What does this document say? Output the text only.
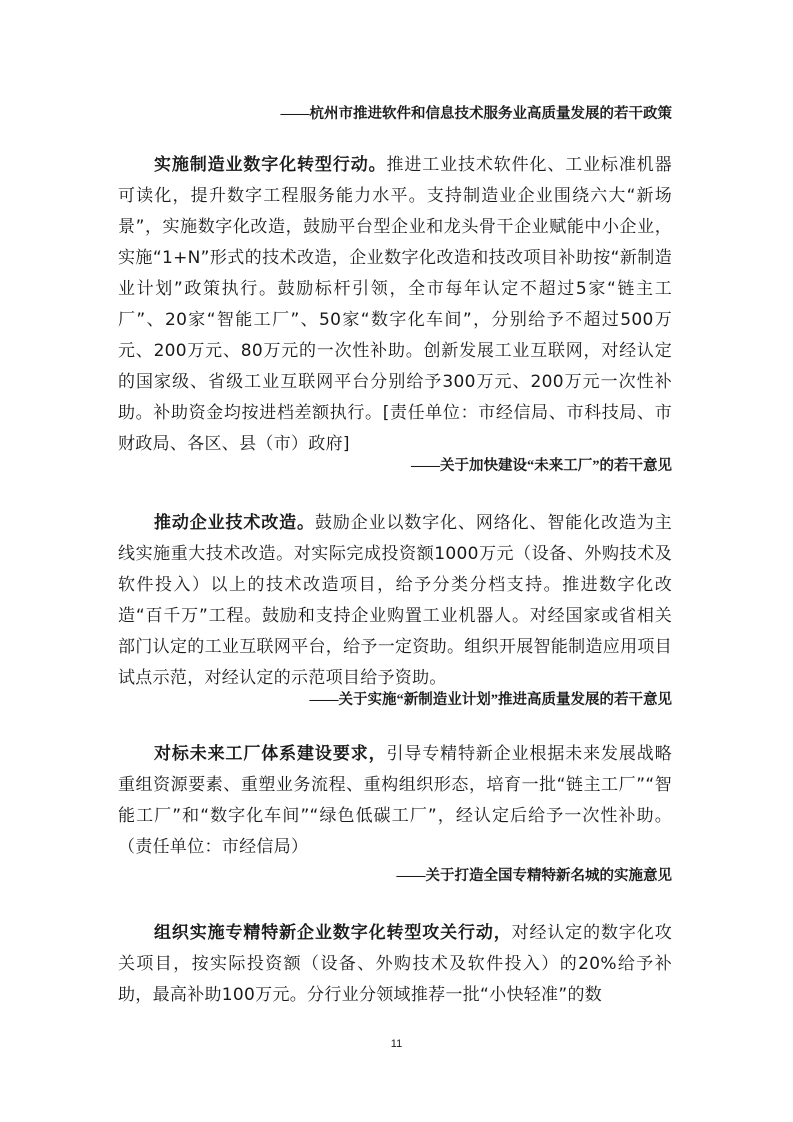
——杭州市推进软件和信息技术服务业高质量发展的若干政策
实施制造业数字化转型行动。推进工业技术软件化、工业标准机器可读化，提升数字工程服务能力水平。支持制造业企业围绕六大“新场景”，实施数字化改造，鼓励平台型企业和龙头骨干企业赋能中小企业，实施“1+N”形式的技术改造，企业数字化改造和技改项目补助按“新制造业计划”政策执行。鼓励标杆引领，全市每年认定不超过5家“链主工厂”、20家“智能工厂”、50家“数字化车间”，分别给予不超过500万元、200万元、80万元的一次性补助。创新发展工业互联网，对经认定的国家级、省级工业互联网平台分别给予300万元、200万元一次性补助。补助资金均按进档差额执行。[责任单位：市经信局、市科技局、市财政局、各区、县（市）政府]
——关于加快建设“未来工厂”的若干意见
推动企业技术改造。鼓励企业以数字化、网络化、智能化改造为主线实施重大技术改造。对实际完成投资额1000万元（设备、外购技术及软件投入）以上的技术改造项目，给予分类分档支持。推进数字化改造“百千万”工程。鼓励和支持企业购置工业机器人。对经国家或省相关部门认定的工业互联网平台，给予一定资助。组织开展智能制造应用项目试点示范，对经认定的示范项目给予资助。
——关于实施“新制造业计划”推进高质量发展的若干意见
对标未来工厂体系建设要求，引导专精特新企业根据未来发展战略重组资源要素、重塑业务流程、重构组织形态，培育一批“链主工厂”“智能工厂”和“数字化车间”“绿色低碳工厂”，经认定后给予一次性补助。（责任单位：市经信局）
——关于打造全国专精特新名城的实施意见
组织实施专精特新企业数字化转型攻关行动，对经认定的数字化攻关项目，按实际投资额（设备、外购技术及软件投入）的20%给予补助，最高补助100万元。分行业分领域推荐一批“小快轻准”的数
11
